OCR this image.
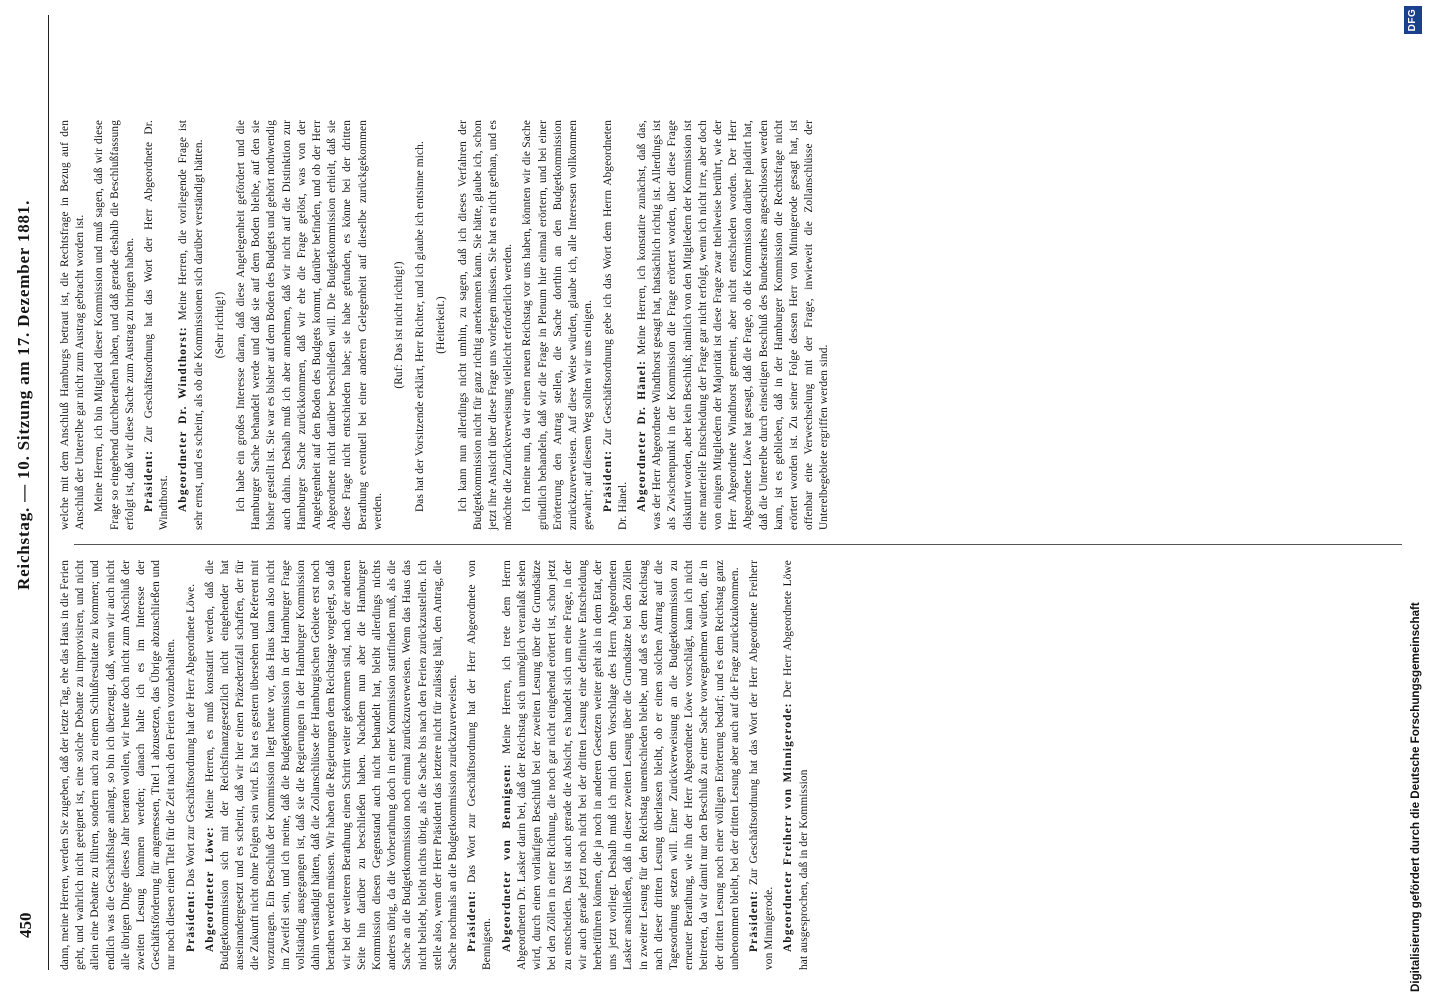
450
Reichstag. — 10. Sitzung am 17. Dezember 1881.

dann, meine Herren, werden Sie zugeben, daß der letzte Tag, ehe das Haus in die Ferien geht, und wahrlich nicht geeignet ist, eine solche Debatte zu improvisiren, und nicht allein eine Debatte zu führen, sondern auch zu einem Schlußresultate zu kommen; und endlich was die Geschäftslage anlangt, so bin ich überzeugt, daß, wenn wir auch nicht alle übrigen Dinge dieses Jahr beraten wollen, wir heute doch nicht zum Abschluß der zweiten Lesung kommen werden; danach halte ich es im Interesse der Geschäftsförderung für angemessen, Titel 1 abzusetzen, das Übrige abzuschließen und nur noch diesen einen Titel für die Zeit nach den Ferien vorzubehalten. Präsident: Das Wort zur Geschäftsordnung hat der Herr Abgeordnete Löwe. Abgeordneter Löwe: Meine Herren, es muß konstatirt werden, daß die Budgetkommission sich mit der Reichsfinanzgesetzlich nicht eingehender hat auseinandergesetzt und es scheint, daß wir hier einen Präzedenzfall schaffen, der für die Zukunft nicht ohne Folgen sein wird. Es hat es gestern übersehen und Referent mit vorzutragen. Ein Beschluß der Kommission liegt heute vor, das Haus kann also nicht im Zweifel sein, und ich meine, daß die Budgetkommission in der Hamburger Frage vollständig ausgegangen ist, daß sie die Regierungen in der Hamburger Kommission dahin verständigt hätten, daß die Zollanschlüsse der Hamburgischen Gebiete erst noch berathen werden müssen. Wir haben die Regierungen dem Reichstage vorgelegt, so daß wir bei der weiteren Berathung einen Schritt weiter gekommen sind, nach der anderen Seite hin darüber zu beschließen haben. Nachdem nun aber die Hamburger Kommission diesen Gegenstand auch nicht behandelt hat, bleibt allerdings nichts anderes übrig, da die Vorberathung doch in einer Kommission stattfinden muß, als die Sache an die Budgetkommission noch einmal zurückzuverweisen. Wenn das Haus das nicht beliebt, bleibt nichts übrig, als die Sache bis nach den Ferien zurückzustellen. Ich stelle also, wenn der Herr Präsident das letztere nicht für zulässig hält, den Antrag, die Sache nochmals an die Budgetkommission zurückzuverweisen. Präsident: Das Wort zur Geschäftsordnung hat der Herr Abgeordnete von Bennigsen. Abgeordneter von Bennigsen: Meine Herren, ich trete dem Herrn Abgeordneten Dr. Lasker darin bei, daß der Reichstag sich unmöglich veranlaßt sehen wird, durch einen vorläufigen Beschluß bei der zweiten Lesung über die Grundsätze bei den Zöllen in einer Richtung, die noch gar nicht eingehend erörtert ist, schon jetzt zu entscheiden. Das ist auch gerade die Absicht, es handelt sich um eine Frage, in der wir auch gerade jetzt noch nicht bei der dritten Lesung eine definitive Entscheidung herbeiführen können, die ja noch in anderen Gesetzen weiter geht als in dem Etat, der uns jetzt vorliegt. Deshalb muß ich mich dem Vorschlage des Herrn Abgeordneten Lasker anschließen, daß in dieser zweiten Lesung über die Grundsätze bei den Zöllen in zweiter Lesung für den Reichstag unentschieden bleibe, und daß es dem Reichstag nach dieser dritten Lesung überlassen bleibt, ob er einen solchen Antrag auf die Tagesordnung setzen will. Einer Zurückverweisung an die Budgetkommission zu erneuter Berathung, wie ihn der Herr Abgeordnete Löwe vorschlägt, kann ich nicht beitreten, da wir damit nur den Beschluß zu einer Sache vorwegnehmen würden, die in der dritten Lesung noch einer völligen Erörterung bedarf; und es dem Reichstag ganz unbenommen bleibt, bei der dritten Lesung aber auch auf die Frage zurückzukommen. Präsident: Zur Geschäftsordnung hat das Wort der Herr Abgeordnete Freiherr von Minnigerode. Abgeordneter Freiherr von Minnigerode: Der Herr Abgeordnete Löwe hat ausgesprochen, daß in der Kommission

welche mit dem Anschluß Hamburgs betraut ist, die Rechtsfrage in Bezug auf den Anschluß der Unterelbe gar nicht zum Austrag gebracht worden ist. Meine Herren, ich bin Mitglied dieser Kommission und muß sagen, daß wir diese Frage so eingehend durchberathen haben, und daß gerade deshalb die Beschlußfassung erfolgt ist, daß wir diese Sache zum Austrag zu bringen haben. Präsident: Zur Geschäftsordnung hat das Wort der Herr Abgeordnete Dr. Windthorst. Abgeordneter Dr. Windthorst: Meine Herren, die vorliegende Frage ist sehr ernst, und es scheint, als ob die Kommissionen sich darüber verständigt hätten. (Sehr richtig!) Ich habe ein großes Interesse daran, daß diese Angelegenheit gefördert und die Hamburger Sache behandelt werde und daß sie auf dem Boden bleibe, auf den sie bisher gestellt ist. Sie war es bisher auf dem Boden des Budgets und gehört nothwendig auch dahin. Deshalb muß ich aber annehmen, daß wir nicht auf die Distinktion zur Hamburger Sache zurückkommen, daß wir ehe die Frage gelöst, was von der Angelegenheit auf den Boden des Budgets kommt, darüber befinden, und ob der Herr Abgeordnete nicht darüber beschließen will. Die Budgetkommission erhielt, daß sie diese Frage nicht entschieden habe; sie habe gefunden, es könne bei der dritten Berathung eventuell bei einer anderen Gelegenheit auf dieselbe zurückgekommen werden.

(Ruf: Das ist nicht richtig!) Das hat der Vorsitzende erklärt, Herr Richter, und ich glaube ich entsinne mich. (Heiterkeit.) Ich kann nun allerdings nicht umhin, zu sagen, daß ich dieses Verfahren der Budgetkommission nicht für ganz richtig anerkennen kann. Sie hätte, glaube ich, schon jetzt ihre Ansicht über diese Frage uns vorlegen müssen. Sie hat es nicht gethan, und es möchte die Zurückverweisung vielleicht erforderlich werden. Ich meine nun, da wir einen neuen Reichstag vor uns haben, könnten wir die Sache gründlich behandeln, daß wir die Frage in Plenum hier einmal erörtern, und bei einer Erörterung den Antrag stellen, die Sache dorthin an den Budgetkommission zurückzuverweisen. Auf diese Weise würden, glaube ich, alle Interessen vollkommen gewahrt; auf diesem Weg sollten wir uns einigen. Präsident: Zur Geschäftsordnung gebe ich das Wort dem Herrn Abgeordneten Dr. Hänel. Abgeordneter Dr. Hänel: Meine Herren, ich konstatire zunächst, daß das, was der Herr Abgeordnete Windthorst gesagt hat, thatsächlich richtig ist. Allerdings ist als Zwischenpunkt in der Kommission die Frage erörtert worden, über diese Frage diskutirt worden, aber kein Beschluß; nämlich von den Mitgliedern der Kommission ist eine materielle Entscheidung der Frage gar nicht erfolgt, wenn ich nicht irre, aber doch von einigen Mitgliedern der Majorität ist diese Frage zwar theilweise berührt, wie der Herr Abgeordnete Windthorst gemeint, aber nicht entschieden worden. Der Herr Abgeordnete Löwe hat gesagt, daß die Frage, ob die Kommission darüber plaidirt hat, daß die Unterelbe durch einseitigen Beschluß des Bundesrathes angeschlossen werden kann, ist es geblieben, daß in der Hamburger Kommission die Rechtsfrage nicht erörtert worden ist. Zu seiner Folge dessen Herr von Minnigerode gesagt hat, ist offenbar eine Verwechselung mit der Frage, inwieweit die Zollanschlüsse der Unterelbegebiete ergriffen werden sind.

Digitalisierung gefördert durch die Deutsche Forschungsgemeinschaft
DFG
